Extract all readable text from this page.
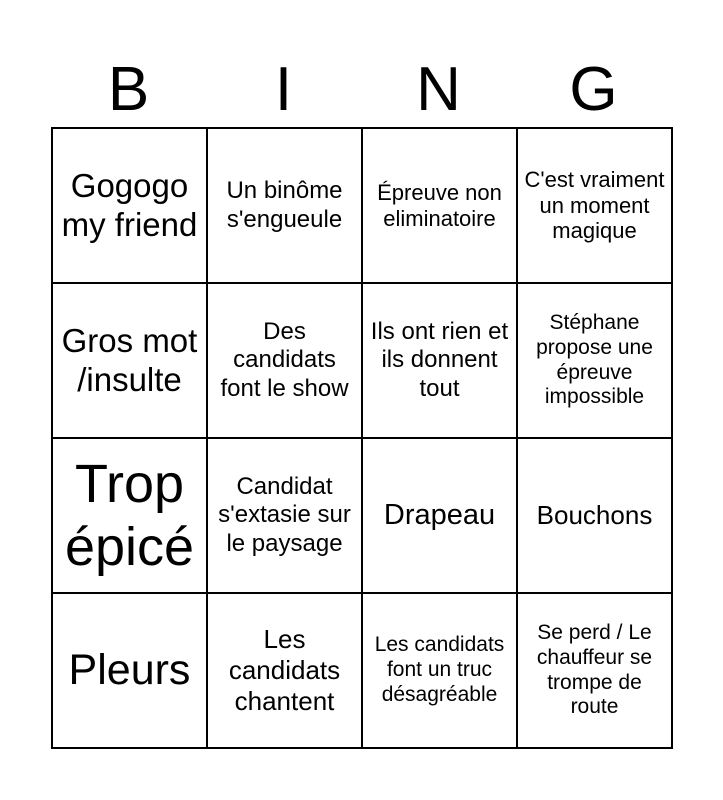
B	I	N	G
Gogogo my friend	Un binôme s'engueule	Épreuve non eliminatoire	C'est vraiment un moment magique
Gros mot /insulte	Des candidats font le show	Ils ont rien et ils donnent tout	Stéphane propose une épreuve impossible
Trop épicé	Candidat s'extasie sur le paysage	Drapeau	Bouchons
Pleurs	Les candidats chantent	Les candidats font un truc désagréable	Se perd / Le chauffeur se trompe de route
